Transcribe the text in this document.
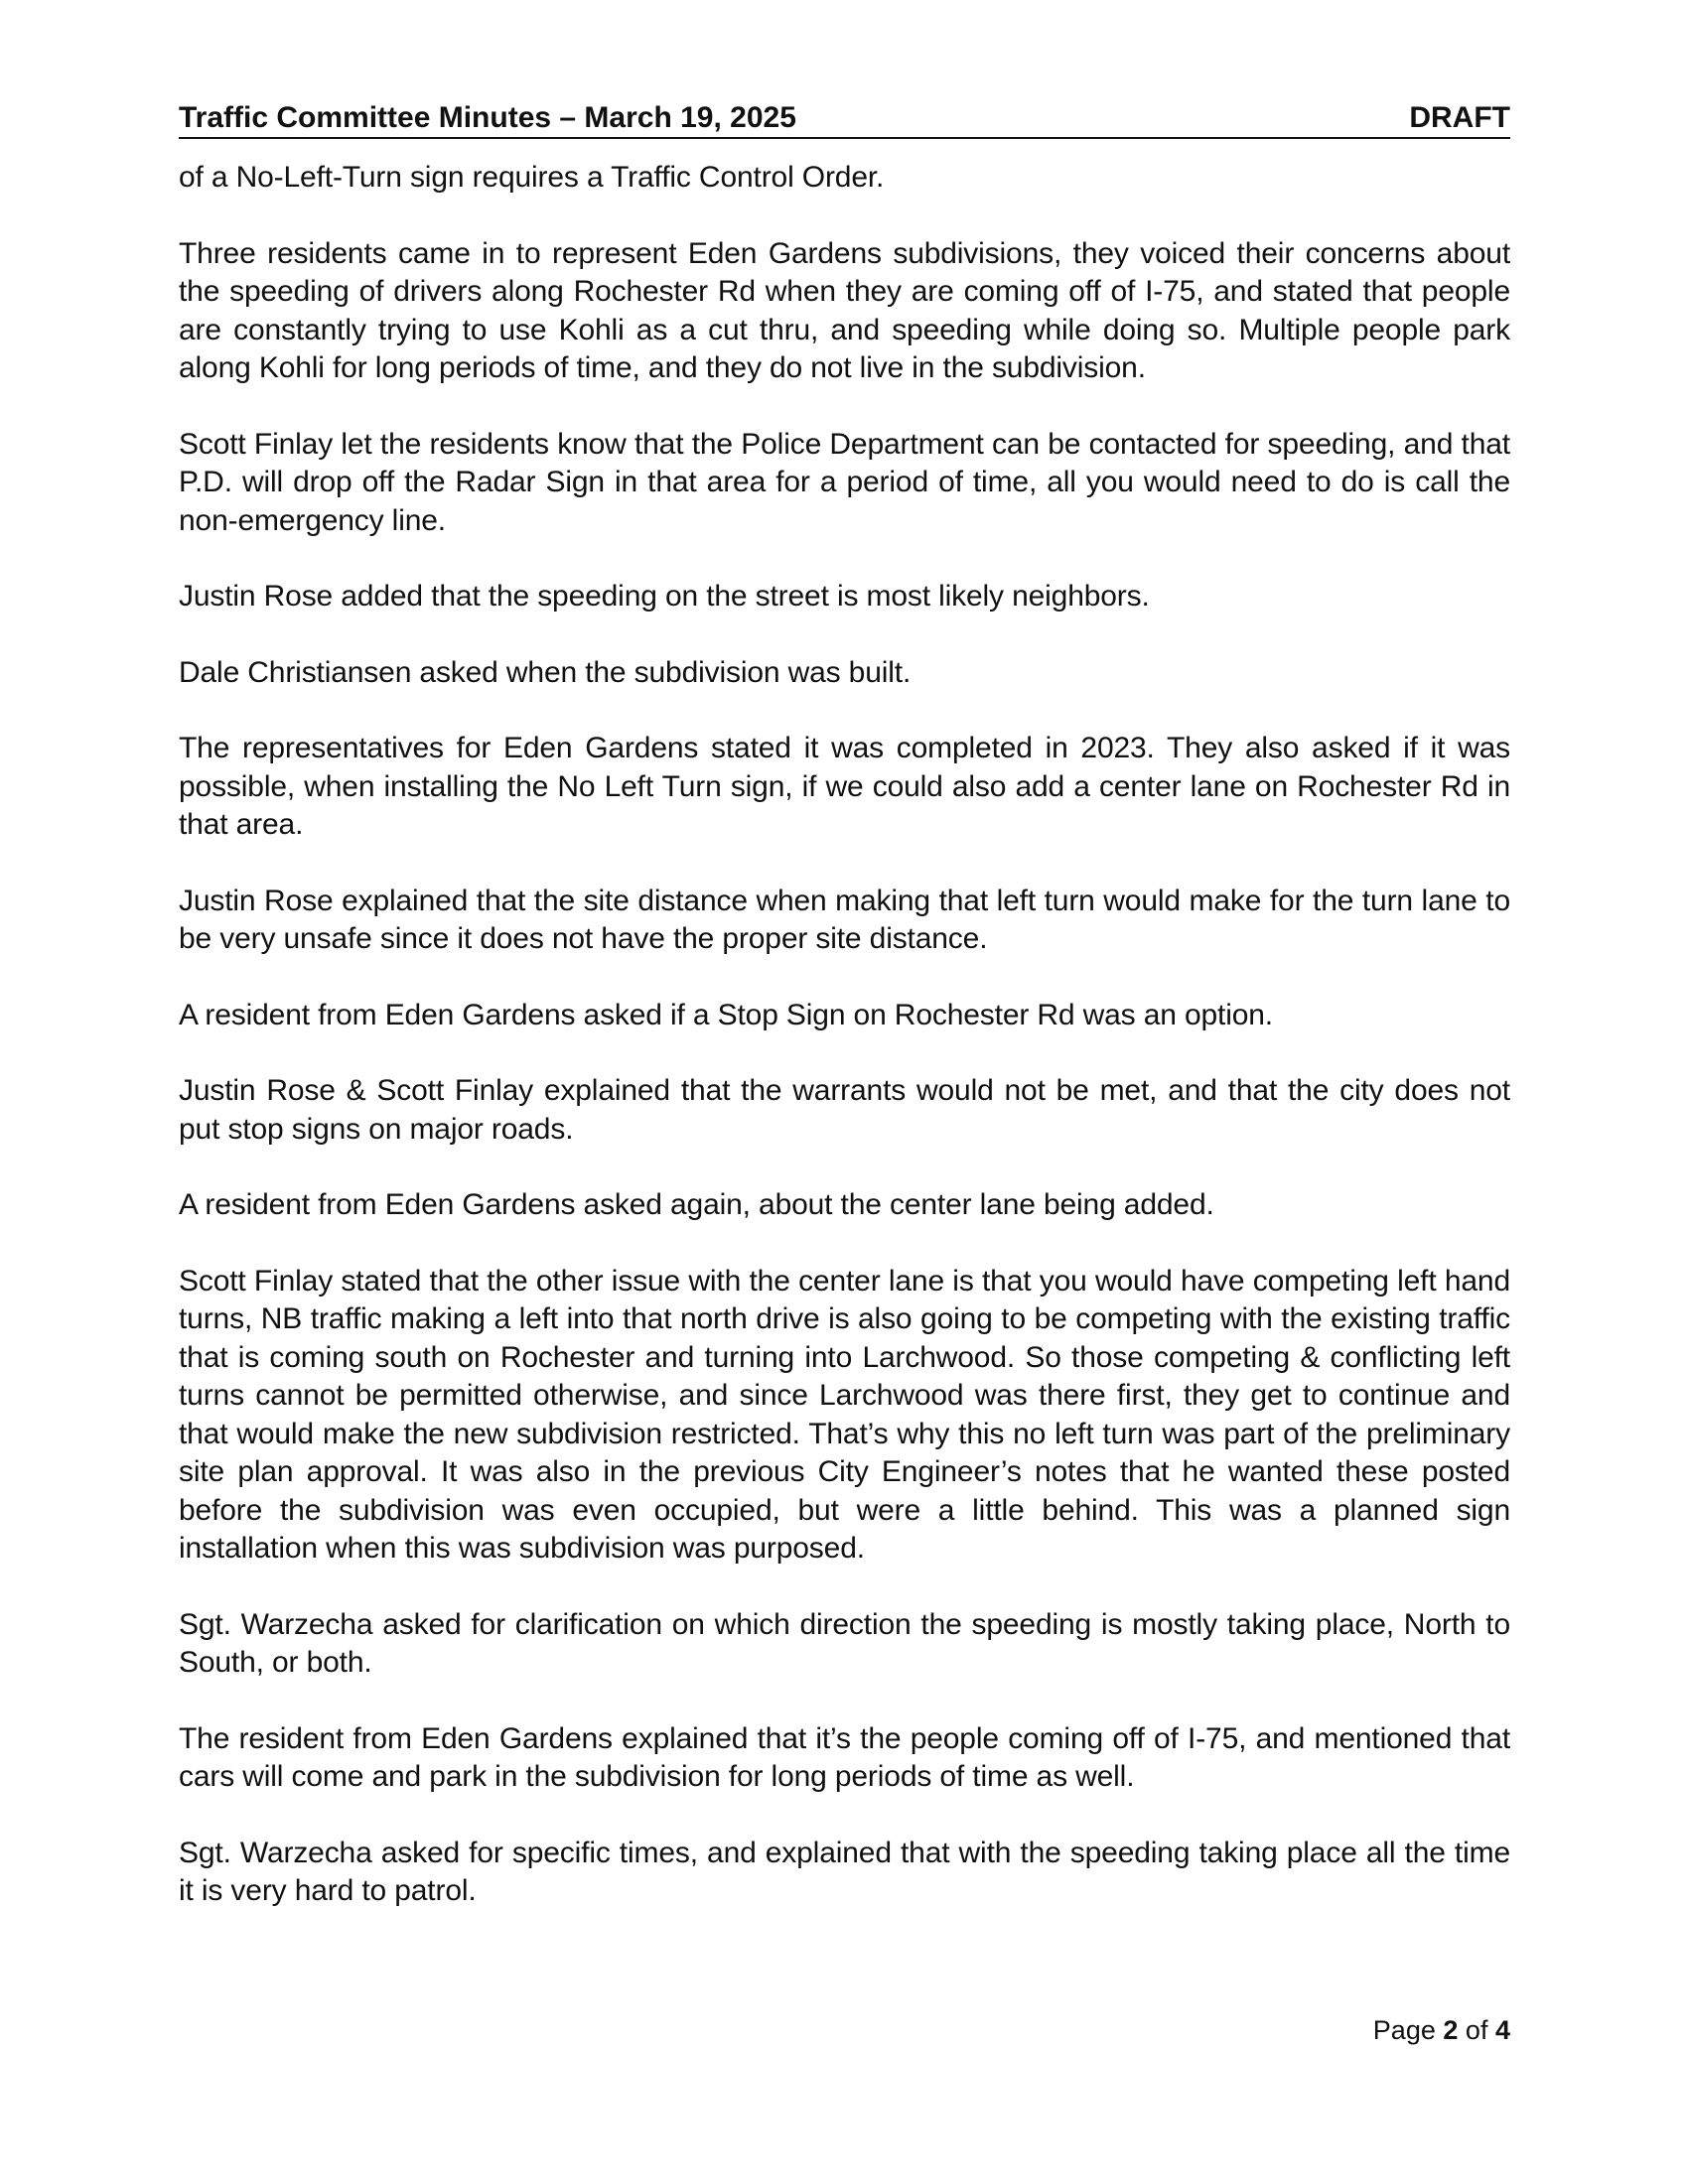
Traffic Committee Minutes – March 19, 2025	DRAFT

of a No-Left-Turn sign requires a Traffic Control Order.

Three residents came in to represent Eden Gardens subdivisions, they voiced their concerns about the speeding of drivers along Rochester Rd when they are coming off of I-75, and stated that people are constantly trying to use Kohli as a cut thru, and speeding while doing so. Multiple people park along Kohli for long periods of time, and they do not live in the subdivision.

Scott Finlay let the residents know that the Police Department can be contacted for speeding, and that P.D. will drop off the Radar Sign in that area for a period of time, all you would need to do is call the non-emergency line.

Justin Rose added that the speeding on the street is most likely neighbors.

Dale Christiansen asked when the subdivision was built.

The representatives for Eden Gardens stated it was completed in 2023. They also asked if it was possible, when installing the No Left Turn sign, if we could also add a center lane on Rochester Rd in that area.

Justin Rose explained that the site distance when making that left turn would make for the turn lane to be very unsafe since it does not have the proper site distance.

A resident from Eden Gardens asked if a Stop Sign on Rochester Rd was an option.

Justin Rose & Scott Finlay explained that the warrants would not be met, and that the city does not put stop signs on major roads.

A resident from Eden Gardens asked again, about the center lane being added.

Scott Finlay stated that the other issue with the center lane is that you would have competing left hand turns, NB traffic making a left into that north drive is also going to be competing with the existing traffic that is coming south on Rochester and turning into Larchwood. So those competing & conflicting left turns cannot be permitted otherwise, and since Larchwood was there first, they get to continue and that would make the new subdivision restricted. That’s why this no left turn was part of the preliminary site plan approval. It was also in the previous City Engineer’s notes that he wanted these posted before the subdivision was even occupied, but were a little behind. This was a planned sign installation when this was subdivision was purposed.

Sgt. Warzecha asked for clarification on which direction the speeding is mostly taking place, North to South, or both.

The resident from Eden Gardens explained that it’s the people coming off of I-75, and mentioned that cars will come and park in the subdivision for long periods of time as well.

Sgt. Warzecha asked for specific times, and explained that with the speeding taking place all the time it is very hard to patrol.

Page 2 of 4
